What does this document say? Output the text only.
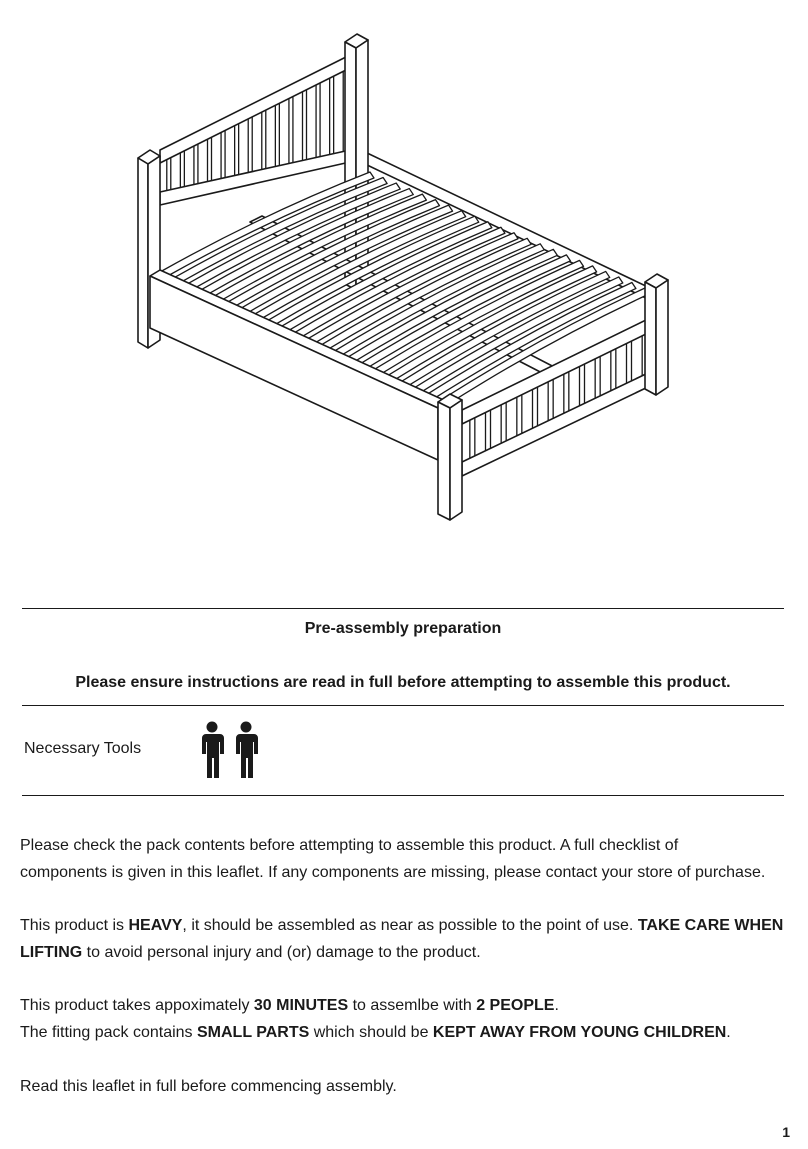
Pre-assembly preparation
Please ensure instructions are read in full before attempting to assemble this product.
Necessary Tools

Please check the pack contents before attempting to assemble this product. A full checklist of
components is given in this leaflet. If any components are missing, please contact your store of purchase.

This product is HEAVY, it should be assembled as near as possible to the point of use. TAKE CARE WHEN
LIFTING to avoid personal injury and (or) damage to the product.

This product takes appoximately 30 MINUTES to assemlbe with 2 PEOPLE.
The fitting pack contains SMALL PARTS which should be KEPT AWAY FROM YOUNG CHILDREN.

Read this leaflet in full before commencing assembly.

1
